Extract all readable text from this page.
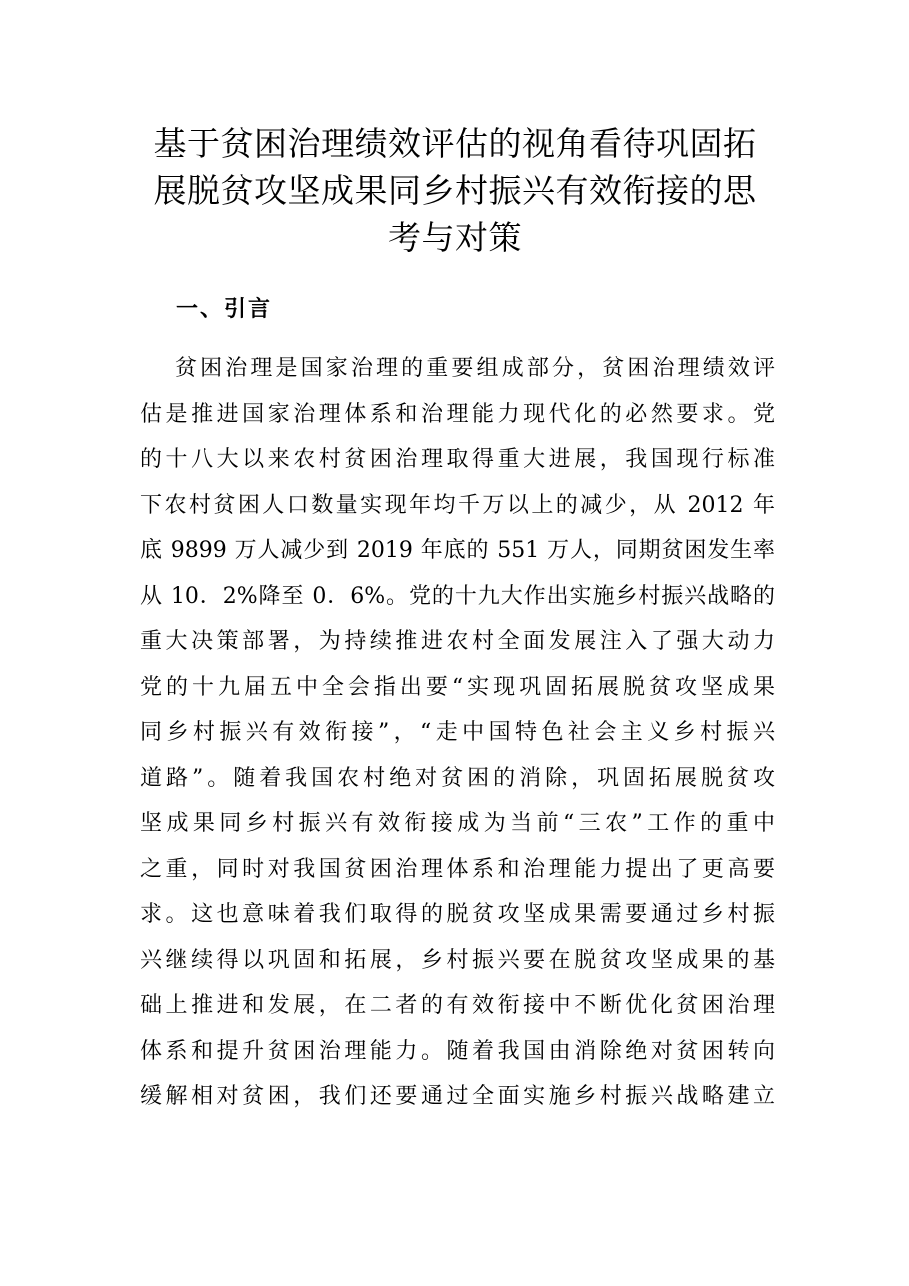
基于贫困治理绩效评估的视角看待巩固拓
展脱贫攻坚成果同乡村振兴有效衔接的思
考与对策
一、引言
贫困治理是国家治理的重要组成部分，贫困治理绩效评
估是推进国家治理体系和治理能力现代化的必然要求。党
的十八大以来农村贫困治理取得重大进展，我国现行标准
下农村贫困人口数量实现年均千万以上的减少，从 2012 年
底 9899 万人减少到 2019 年底的 551 万人，同期贫困发生率
从 10．2%降至 0．6%。党的十九大作出实施乡村振兴战略的
重大决策部署，为持续推进农村全面发展注入了强大动力
党的十九届五中全会指出要“实现巩固拓展脱贫攻坚成果
同乡村振兴有效衔接”，“走中国特色社会主义乡村振兴
道路”。随着我国农村绝对贫困的消除，巩固拓展脱贫攻
坚成果同乡村振兴有效衔接成为当前“三农”工作的重中
之重，同时对我国贫困治理体系和治理能力提出了更高要
求。这也意味着我们取得的脱贫攻坚成果需要通过乡村振
兴继续得以巩固和拓展，乡村振兴要在脱贫攻坚成果的基
础上推进和发展，在二者的有效衔接中不断优化贫困治理
体系和提升贫困治理能力。随着我国由消除绝对贫困转向
缓解相对贫困，我们还要通过全面实施乡村振兴战略建立
